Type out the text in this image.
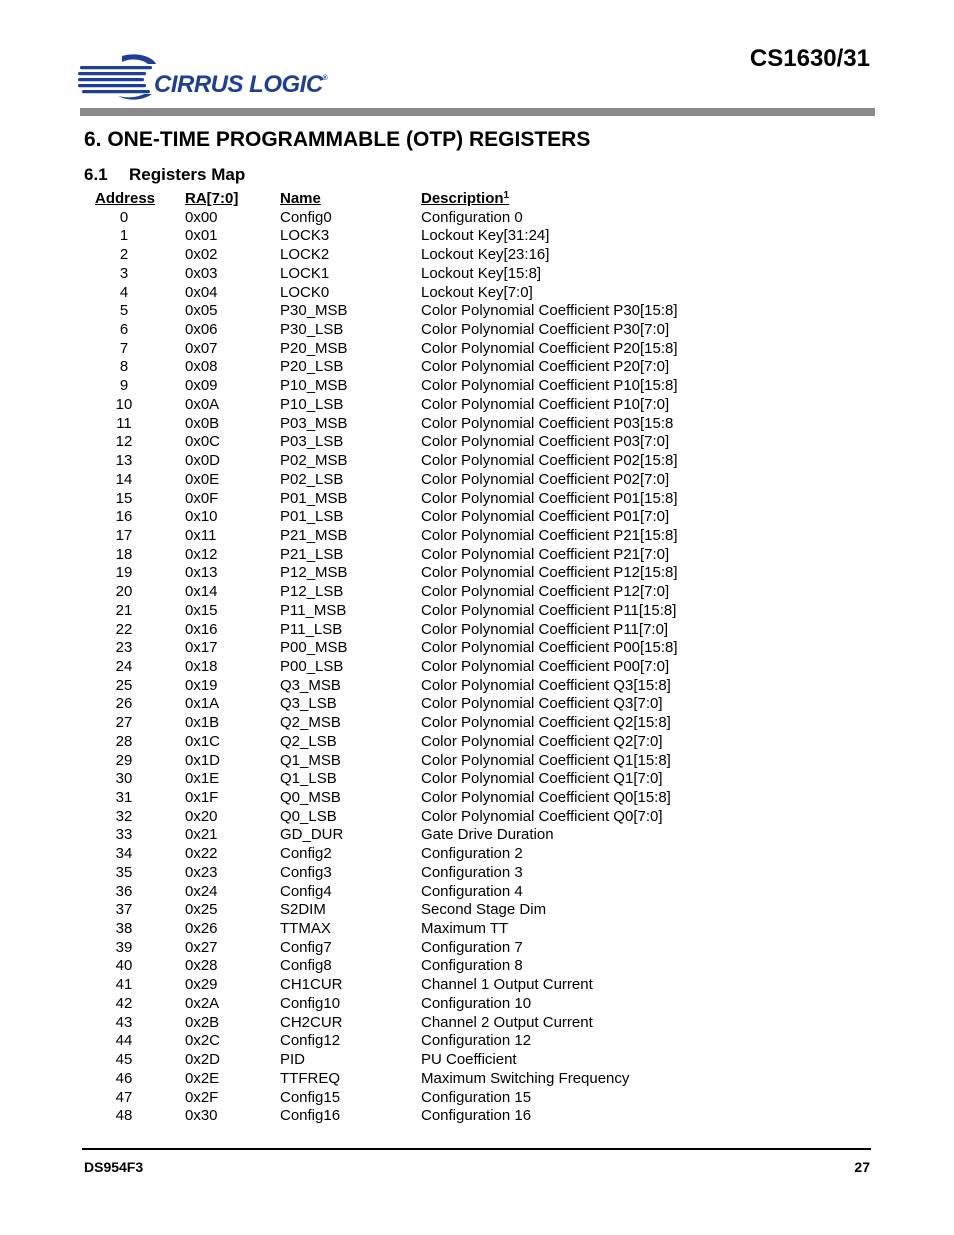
CIRRUS LOGIC®
CS1630/31
6. ONE-TIME PROGRAMMABLE (OTP) REGISTERS
6.1 Registers Map
Address RA[7:0]	Name	Description$^1$
0	0x00	Config0	Configuration 0
1	0x01	LOCK3	Lockout Key[31:24]
2	0x02	LOCK2	Lockout Key[23:16]
3	0x03	LOCK1	Lockout Key[15:8]
4	0x04	LOCK0	Lockout Key[7:0]
5	0x05	P30_MSB	Color Polynomial Coefficient P30[15:8]
6	0x06	P30_LSB	Color Polynomial Coefficient P30[7:0]
7	0x07	P20_MSB	Color Polynomial Coefficient P20[15:8]
8	0x08	P20_LSB	Color Polynomial Coefficient P20[7:0]
9	0x09	P10_MSB	Color Polynomial Coefficient P10[15:8]
10	0x0A	P10_LSB	Color Polynomial Coefficient P10[7:0]
11	0x0B	P03_MSB	Color Polynomial Coefficient P03[15:8
12	0x0C	P03_LSB	Color Polynomial Coefficient P03[7:0]
13	0x0D	P02_MSB	Color Polynomial Coefficient P02[15:8]
14	0x0E	P02_LSB	Color Polynomial Coefficient P02[7:0]
15	0x0F	P01_MSB	Color Polynomial Coefficient P01[15:8]
16	0x10	P01_LSB	Color Polynomial Coefficient P01[7:0]
17	0x11	P21_MSB	Color Polynomial Coefficient P21[15:8]
18	0x12	P21_LSB	Color Polynomial Coefficient P21[7:0]
19	0x13	P12_MSB	Color Polynomial Coefficient P12[15:8]
20	0x14	P12_LSB	Color Polynomial Coefficient P12[7:0]
21	0x15	P11_MSB	Color Polynomial Coefficient P11[15:8]
22	0x16	P11_LSB	Color Polynomial Coefficient P11[7:0]
23	0x17	P00_MSB	Color Polynomial Coefficient P00[15:8]
24	0x18	P00_LSB	Color Polynomial Coefficient P00[7:0]
25	0x19	Q3_MSB	Color Polynomial Coefficient Q3[15:8]
26	0x1A	Q3_LSB	Color Polynomial Coefficient Q3[7:0]
27	0x1B	Q2_MSB	Color Polynomial Coefficient Q2[15:8]
28	0x1C	Q2_LSB	Color Polynomial Coefficient Q2[7:0]
29	0x1D	Q1_MSB	Color Polynomial Coefficient Q1[15:8]
30	0x1E	Q1_LSB	Color Polynomial Coefficient Q1[7:0]
31	0x1F	Q0_MSB	Color Polynomial Coefficient Q0[15:8]
32	0x20	Q0_LSB	Color Polynomial Coefficient Q0[7:0]
33	0x21	GD_DUR	Gate Drive Duration
34	0x22	Config2	Configuration 2
35	0x23	Config3	Configuration 3
36	0x24	Config4	Configuration 4
37	0x25	S2DIM	Second Stage Dim
38	0x26	TTMAX	Maximum TT
39	0x27	Config7	Configuration 7
40	0x28	Config8	Configuration 8
41	0x29	CH1CUR	Channel 1 Output Current
42	0x2A	Config10	Configuration 10
43	0x2B	CH2CUR	Channel 2 Output Current
44	0x2C	Config12	Configuration 12
45	0x2D	PID	PU Coefficient
46	0x2E	TTFREQ	Maximum Switching Frequency
47	0x2F	Config15	Configuration 15
48	0x30	Config16	Configuration 16
DS954F3	27
